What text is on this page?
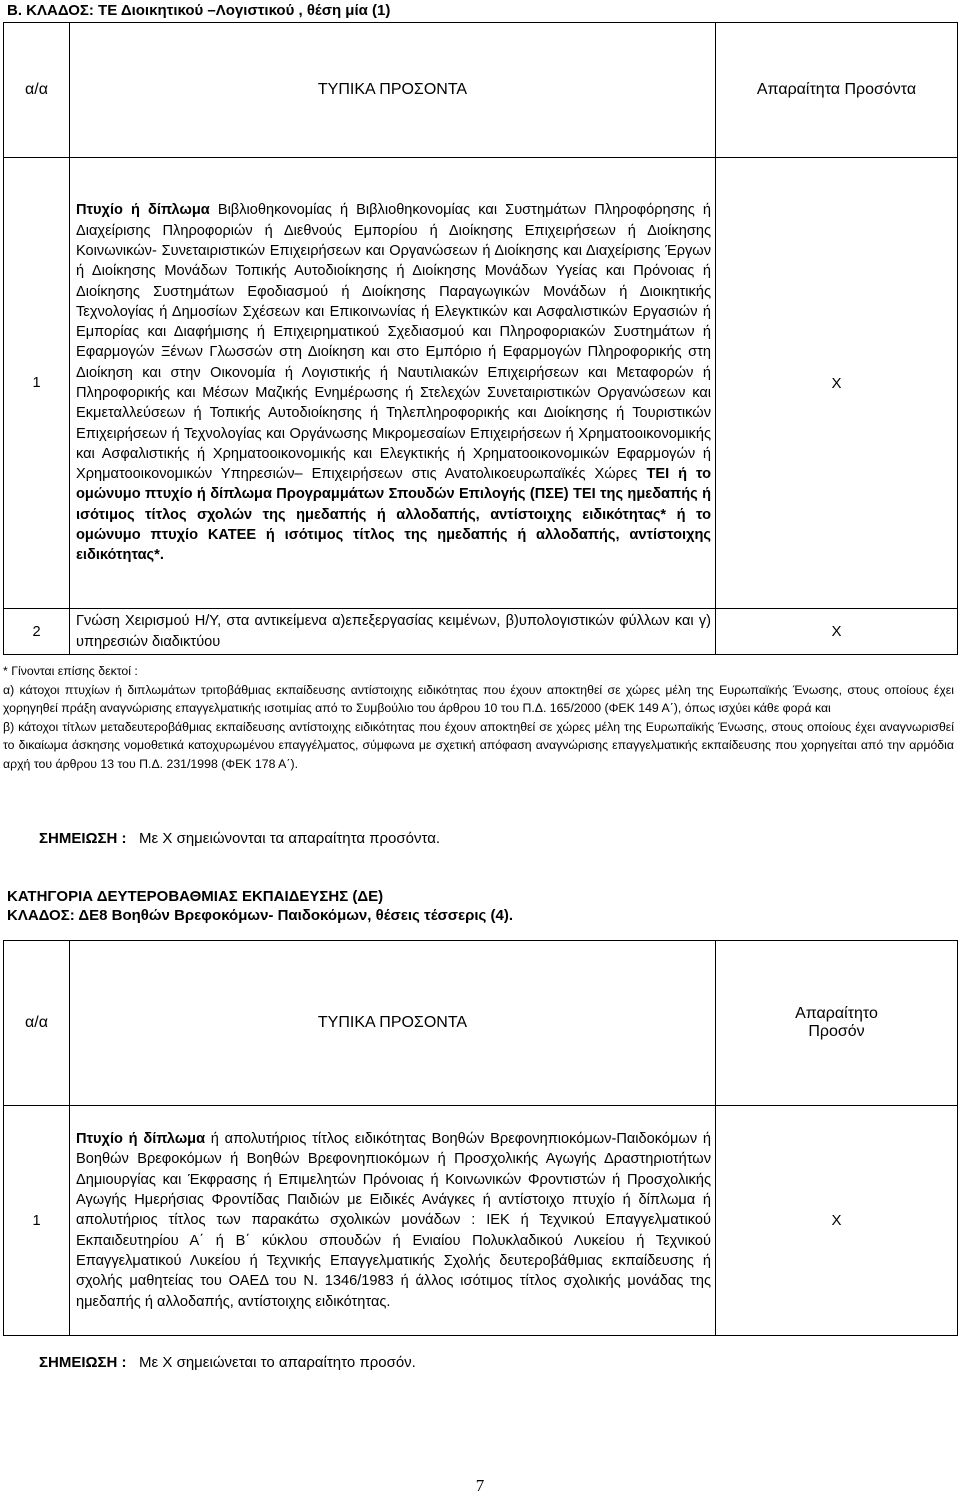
Β. ΚΛΑΔΟΣ: ΤΕ Διοικητικού –Λογιστικού , θέση μία (1)
α/α	ΤΥΠΙΚΑ ΠΡΟΣΟΝΤΑ	Απαραίτητα Προσόντα
1	Πτυχίο ή δίπλωμα Βιβλιοθηκονομίας ή Βιβλιοθηκονομίας και Συστημάτων Πληροφόρησης ή Διαχείρισης Πληροφοριών ή Διεθνούς Εμπορίου ή Διοίκησης Επιχειρήσεων ή Διοίκησης Κοινωνικών- Συνεταιριστικών Επιχειρήσεων και Οργανώσεων ή Διοίκησης και Διαχείρισης Έργων ή Διοίκησης Μονάδων Τοπικής Αυτοδιοίκησης ή Διοίκησης Μονάδων Υγείας και Πρόνοιας ή Διοίκησης Συστημάτων Εφοδιασμού ή Διοίκησης Παραγωγικών Μονάδων ή Διοικητικής Τεχνολογίας ή Δημοσίων Σχέσεων και Επικοινωνίας ή Ελεγκτικών και Ασφαλιστικών Εργασιών ή Εμπορίας και Διαφήμισης ή Επιχειρηματικού Σχεδιασμού και Πληροφοριακών Συστημάτων ή Εφαρμογών Ξένων Γλωσσών στη Διοίκηση και στο Εμπόριο ή Εφαρμογών Πληροφορικής στη Διοίκηση και στην Οικονομία ή Λογιστικής ή Ναυτιλιακών Επιχειρήσεων και Μεταφορών ή Πληροφορικής και Μέσων Μαζικής Ενημέρωσης ή Στελεχών Συνεταιριστικών Οργανώσεων και Εκμεταλλεύσεων ή Τοπικής Αυτοδιοίκησης ή Τηλεπληροφορικής και Διοίκησης ή Τουριστικών Επιχειρήσεων ή Τεχνολογίας και Οργάνωσης Μικρομεσαίων Επιχειρήσεων ή Χρηματοοικονομικής και Ασφαλιστικής ή Χρηματοοικονομικής και Ελεγκτικής ή Χρηματοοικονομικών Εφαρμογών ή Χρηματοοικονομικών Υπηρεσιών– Επιχειρήσεων στις Ανατολικοευρωπαϊκές Χώρες ΤΕΙ ή το ομώνυμο πτυχίο ή δίπλωμα Προγραμμάτων Σπουδών Επιλογής (ΠΣΕ) ΤΕΙ της ημεδαπής ή ισότιμος τίτλος σχολών της ημεδαπής ή αλλοδαπής, αντίστοιχης ειδικότητας* ή το ομώνυμο πτυχίο ΚΑΤΕΕ ή ισότιμος τίτλος της ημεδαπής ή αλλοδαπής, αντίστοιχης ειδικότητας*.	Χ
2	Γνώση Χειρισμού Η/Υ, στα αντικείμενα α)επεξεργασίας κειμένων, β)υπολογιστικών φύλλων και γ) υπηρεσιών διαδικτύου	Χ

* Γίνονται επίσης δεκτοί :

α) κάτοχοι πτυχίων ή διπλωμάτων τριτοβάθμιας εκπαίδευσης αντίστοιχης ειδικότητας που έχουν αποκτηθεί σε χώρες μέλη της Ευρωπαϊκής Ένωσης, στους οποίους έχει χορηγηθεί πράξη αναγνώρισης επαγγελματικής ισοτιμίας από το Συμβούλιο του άρθρου 10 του Π.Δ. 165/2000 (ΦΕΚ 149 Α΄), όπως ισχύει κάθε φορά και

β) κάτοχοι τίτλων μεταδευτεροβάθμιας εκπαίδευσης αντίστοιχης ειδικότητας που έχουν αποκτηθεί σε χώρες μέλη της Ευρωπαϊκής Ένωσης, στους οποίους έχει αναγνωρισθεί το δικαίωμα άσκησης νομοθετικά κατοχυρωμένου επαγγέλματος, σύμφωνα με σχετική απόφαση αναγνώρισης επαγγελματικής εκπαίδευσης που χορηγείται από την αρμόδια αρχή του άρθρου 13 του Π.Δ. 231/1998 (ΦΕΚ 178 Α΄).

ΣΗΜΕΙΩΣΗ : Με Χ σημειώνονται τα απαραίτητα προσόντα.
ΚΑΤΗΓΟΡΙΑ ΔΕΥΤΕΡΟΒΑΘΜΙΑΣ ΕΚΠΑΙΔΕΥΣΗΣ (ΔΕ)
ΚΛΑΔΟΣ: ΔΕ8 Βοηθών Βρεφοκόμων- Παιδοκόμων, θέσεις τέσσερις (4).
α/α	ΤΥΠΙΚΑ ΠΡΟΣΟΝΤΑ	Απαραίτητο
Προσόν
1	Πτυχίο ή δίπλωμα ή απολυτήριος τίτλος ειδικότητας Βοηθών Βρεφονηπιοκόμων-Παιδοκόμων ή Βοηθών Βρεφοκόμων ή Βοηθών Βρεφονηπιοκόμων ή Προσχολικής Αγωγής Δραστηριοτήτων Δημιουργίας και Έκφρασης ή Επιμελητών Πρόνοιας ή Κοινωνικών Φροντιστών ή Προσχολικής Αγωγής Ημερήσιας Φροντίδας Παιδιών με Ειδικές Ανάγκες ή αντίστοιχο πτυχίο ή δίπλωμα ή απολυτήριος τίτλος των παρακάτω σχολικών μονάδων : ΙΕΚ ή Τεχνικού Επαγγελματικού Εκπαιδευτηρίου Α΄ ή Β΄ κύκλου σπουδών ή Ενιαίου Πολυκλαδικού Λυκείου ή Τεχνικού Επαγγελματικού Λυκείου ή Τεχνικής Επαγγελματικής Σχολής δευτεροβάθμιας εκπαίδευσης ή σχολής μαθητείας του ΟΑΕΔ του Ν. 1346/1983 ή άλλος ισότιμος τίτλος σχολικής μονάδας της ημεδαπής ή αλλοδαπής, αντίστοιχης ειδικότητας.	Χ
ΣΗΜΕΙΩΣΗ : Με Χ σημειώνεται το απαραίτητο προσόν.
7
